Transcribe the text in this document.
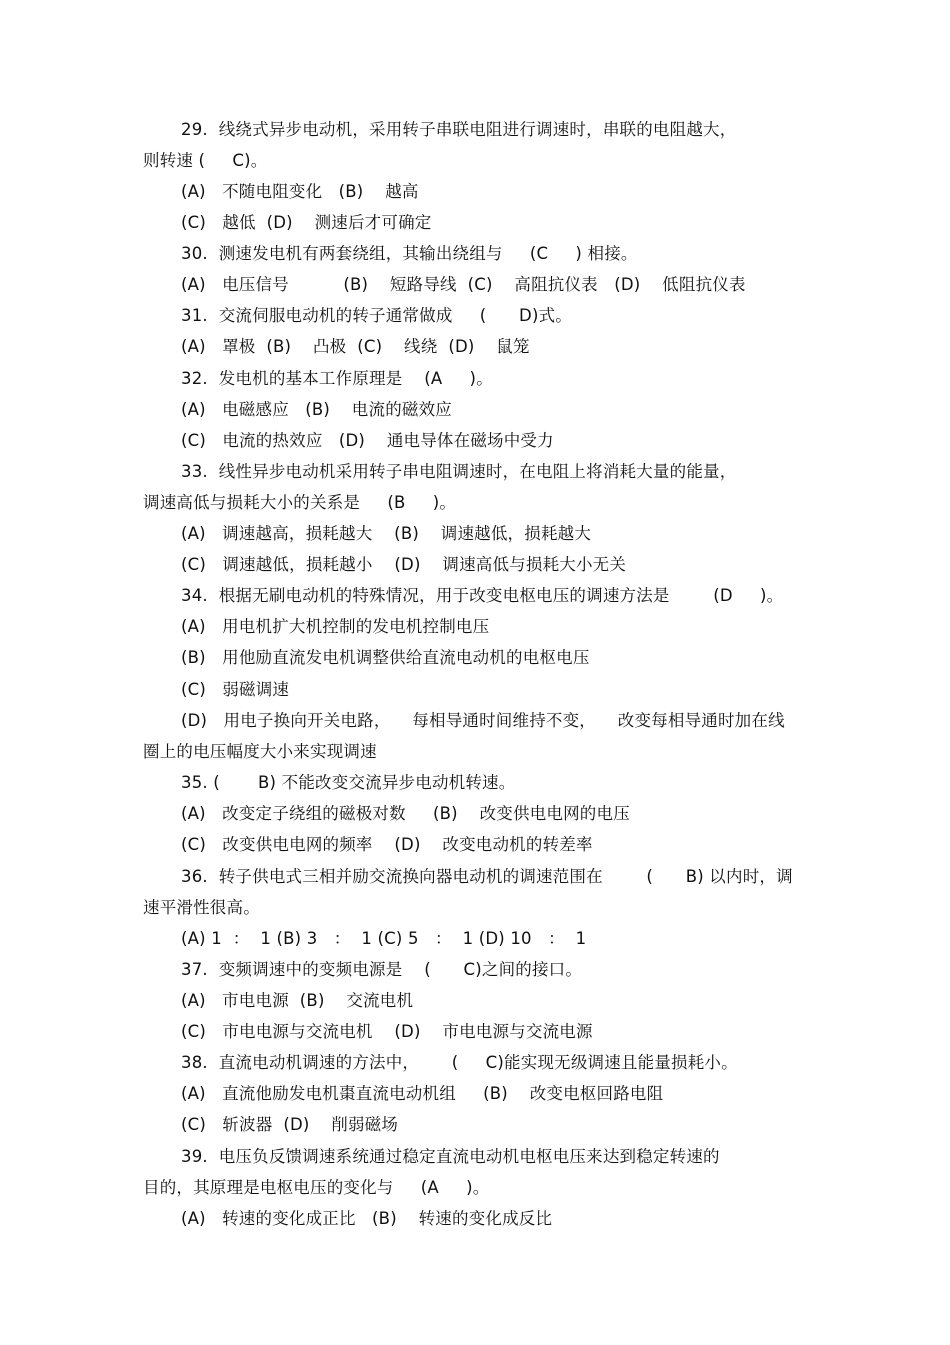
29.  线绕式异步电动机，采用转子串联电阻进行调速时，串联的电阻越大，

则转速 (     C)。

(A)   不随电阻变化   (B)    越高

(C)   越低  (D)    测速后才可确定

30.  测速发电机有两套绕组，其输出绕组与     (C     ) 相接。

(A)   电压信号          (B)    短路导线  (C)    高阻抗仪表   (D)    低阻抗仪表

31.  交流伺服电动机的转子通常做成     (      D)式。

(A)   罩极  (B)    凸极  (C)    线绕  (D)    鼠笼

32.  发电机的基本工作原理是    (A     )。

(A)   电磁感应   (B)    电流的磁效应

(C)   电流的热效应   (D)    通电导体在磁场中受力

33.  线性异步电动机采用转子串电阻调速时，在电阻上将消耗大量的能量，

调速高低与损耗大小的关系是     (B     )。

(A)   调速越高，损耗越大    (B)    调速越低，损耗越大

(C)   调速越低，损耗越小    (D)    调速高低与损耗大小无关

34.  根据无刷电动机的特殊情况，用于改变电枢电压的调速方法是        (D     )。

(A)   用电机扩大机控制的发电机控制电压

(B)   用他励直流发电机调整供给直流电动机的电枢电压

(C)   弱磁调速

(D)   用电子换向开关电路，    每相导通时间维持不变，    改变每相导通时加在线

圈上的电压幅度大小来实现调速

35. (       B) 不能改变交流异步电动机转速。

(A)   改变定子绕组的磁极对数     (B)    改变供电电网的电压

(C)   改变供电电网的频率    (D)    改变电动机的转差率

36.  转子供电式三相并励交流换向器电动机的调速范围在        (      B) 以内时，调

速平滑性很高。

(A) 1  ：  1 (B) 3   ：  1 (C) 5   ：  1 (D) 10   ：  1

37.  变频调速中的变频电源是    (      C)之间的接口。

(A)   市电电源  (B)    交流电机

(C)   市电电源与交流电机    (D)    市电电源与交流电源

38.  直流电动机调速的方法中，      (     C)能实现无级调速且能量损耗小。

(A)   直流他励发电机棗直流电动机组     (B)    改变电枢回路电阻

(C)   斩波器  (D)    削弱磁场

39.  电压负反馈调速系统通过稳定直流电动机电枢电压来达到稳定转速的

目的，其原理是电枢电压的变化与     (A     )。

(A)   转速的变化成正比   (B)    转速的变化成反比
